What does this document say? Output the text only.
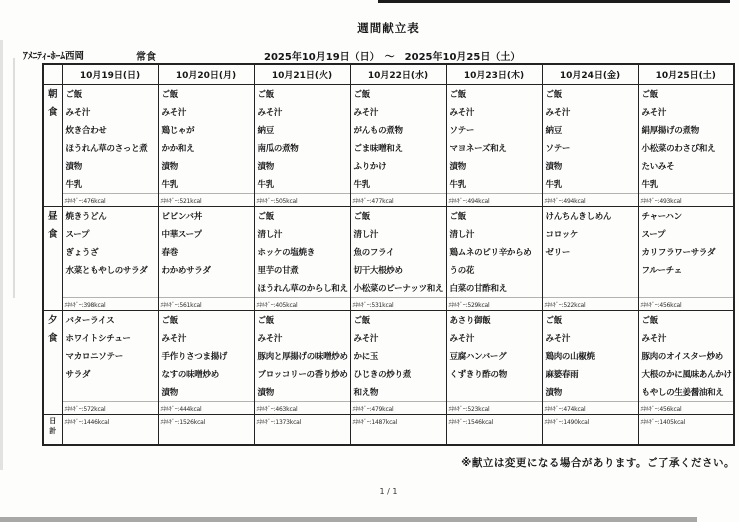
週間献立表
ｱﾒﾆﾃｨ-ﾎｰﾑ西岡	常食	2025年10月19日（日）　～　2025年10月25日（土）
	10月19日(日)	10月20日(月)	10月21日(火)	10月22日(水)	10月23日(木)	10月24日(金)	10月25日(土)

朝
食	ご飯	ご飯	ご飯	ご飯	ご飯	ご飯	ご飯
	みそ汁	みそ汁	みそ汁	みそ汁	みそ汁	みそ汁	みそ汁
	炊き合わせ	鶏じゃが	納豆	がんもの煮物	ソテー	納豆	絹厚揚げの煮物
	ほうれん草のさっと煮	かか和え	南瓜の煮物	ごま味噌和え	マヨネーズ和え	ソテー	小松菜のわさび和え
	漬物	漬物	漬物	ふりかけ	漬物	漬物	たいみそ
	牛乳	牛乳	牛乳	牛乳	牛乳	牛乳	牛乳
	ｴﾈﾙｷﾞｰ:476kcal	ｴﾈﾙｷﾞｰ:521kcal	ｴﾈﾙｷﾞｰ:505kcal	ｴﾈﾙｷﾞｰ:477kcal	ｴﾈﾙｷﾞｰ:494kcal	ｴﾈﾙｷﾞｰ:494kcal	ｴﾈﾙｷﾞｰ:493kcal

昼
食	焼きうどん	ビビンバ丼	ご飯	ご飯	ご飯	けんちんきしめん	チャーハン
	スープ	中華スープ	清し汁	清し汁	清し汁	コロッケ	スープ
	ぎょうざ	春巻	ホッケの塩焼き	魚のフライ	鶏ムネのピリ辛からめ	ゼリー	カリフラワーサラダ
	水菜ともやしのサラダ	わかめサラダ	里芋の甘煮	切干大根炒め	うの花		フルーチェ
			ほうれん草のからし和え	小松菜のピーナッツ和え	白菜の甘酢和え		
	ｴﾈﾙｷﾞｰ:398kcal	ｴﾈﾙｷﾞｰ:561kcal	ｴﾈﾙｷﾞｰ:405kcal	ｴﾈﾙｷﾞｰ:531kcal	ｴﾈﾙｷﾞｰ:529kcal	ｴﾈﾙｷﾞｰ:522kcal	ｴﾈﾙｷﾞｰ:456kcal

夕
食	バターライス	ご飯	ご飯	ご飯	あさり御飯	ご飯	ご飯
	ホワイトシチュー	みそ汁	みそ汁	みそ汁	みそ汁	みそ汁	みそ汁
	マカロニソテー	手作りさつま揚げ	豚肉と厚揚げの味噌炒め	かに玉	豆腐ハンバーグ	鶏肉の山椒焼	豚肉のオイスター炒め
	サラダ	なすの味噌炒め	ブロッコリーの香り炒め	ひじきの炒り煮	くずきり酢の物	麻婆春雨	大根のかに風味あんかけ
		漬物	漬物	和え物		漬物	もやしの生姜醤油和え
	ｴﾈﾙｷﾞｰ:572kcal	ｴﾈﾙｷﾞｰ:444kcal	ｴﾈﾙｷﾞｰ:463kcal	ｴﾈﾙｷﾞｰ:479kcal	ｴﾈﾙｷﾞｰ:523kcal	ｴﾈﾙｷﾞｰ:474kcal	ｴﾈﾙｷﾞｰ:456kcal

日
計	ｴﾈﾙｷﾞｰ:1446kcal	ｴﾈﾙｷﾞｰ:1526kcal	ｴﾈﾙｷﾞｰ:1373kcal	ｴﾈﾙｷﾞｰ:1487kcal	ｴﾈﾙｷﾞｰ:1546kcal	ｴﾈﾙｷﾞｰ:1490kcal	ｴﾈﾙｷﾞｰ:1405kcal
※献立は変更になる場合があります。ご了承ください。
1 / 1
